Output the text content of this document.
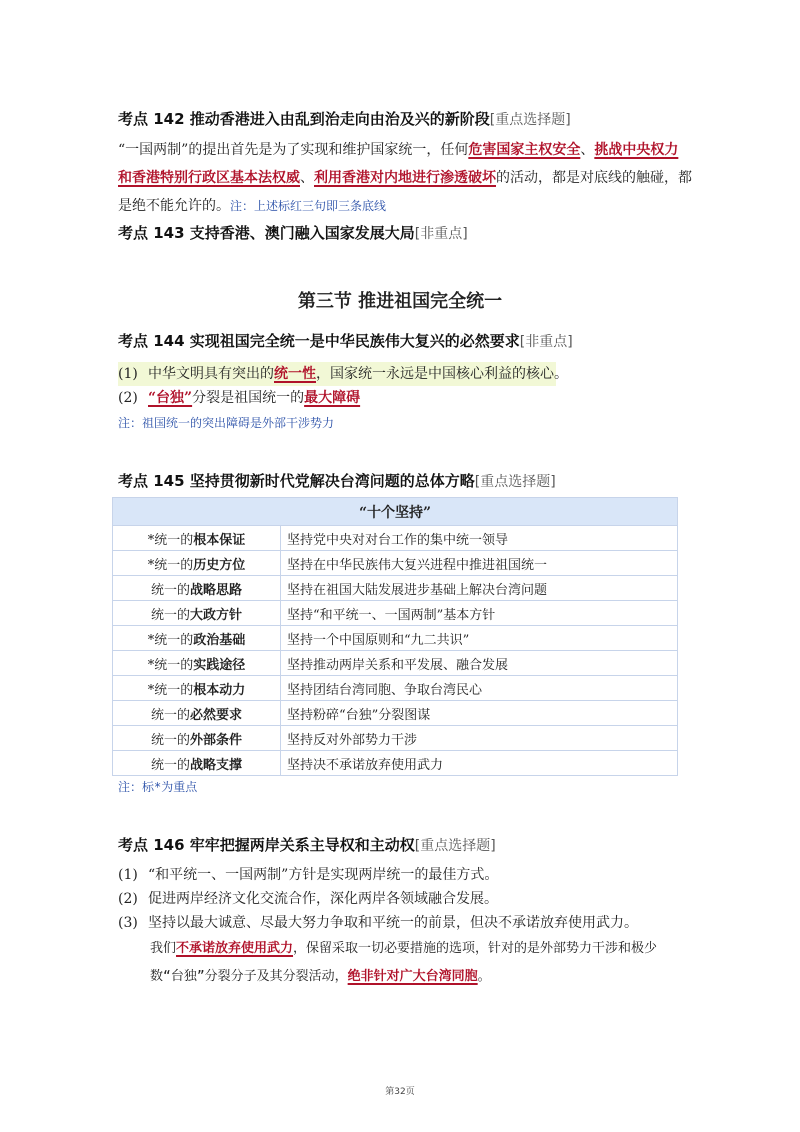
考点 142 推动香港进入由乱到治走向由治及兴的新阶段[重点选择题]
“一国两制”的提出首先是为了实现和维护国家统一，任何危害国家主权安全、挑战中央权力
和香港特别行政区基本法权威、利用香港对内地进行渗透破坏的活动，都是对底线的触碰，都
是绝不能允许的。注：上述标红三句即三条底线
考点 143 支持香港、澳门融入国家发展大局[非重点]
第三节 推进祖国完全统一
考点 144 实现祖国完全统一是中华民族伟大复兴的必然要求[非重点]
(1) 中华文明具有突出的统一性，国家统一永远是中国核心利益的核心。
(2) “台独”分裂是祖国统一的最大障碍
注：祖国统一的突出障碍是外部干涉势力
考点 145 坚持贯彻新时代党解决台湾问题的总体方略[重点选择题]
“十个坚持”	
*统一的根本保证	坚持党中央对对台工作的集中统一领导
*统一的历史方位	坚持在中华民族伟大复兴进程中推进祖国统一
统一的战略思路	坚持在祖国大陆发展进步基础上解决台湾问题
统一的大政方针	坚持“和平统一、一国两制”基本方针
*统一的政治基础	坚持一个中国原则和“九二共识”
*统一的实践途径	坚持推动两岸关系和平发展、融合发展
*统一的根本动力	坚持团结台湾同胞、争取台湾民心
统一的必然要求	坚持粉碎“台独”分裂图谋
统一的外部条件	坚持反对外部势力干涉
统一的战略支撑	坚持决不承诺放弃使用武力
注：标*为重点
考点 146 牢牢把握两岸关系主导权和主动权[重点选择题]
(1) “和平统一、一国两制”方针是实现两岸统一的最佳方式。
(2) 促进两岸经济文化交流合作，深化两岸各领域融合发展。
(3) 坚持以最大诚意、尽最大努力争取和平统一的前景，但决不承诺放弃使用武力。
我们不承诺放弃使用武力，保留采取一切必要措施的选项，针对的是外部势力干涉和极少
数“台独”分裂分子及其分裂活动，绝非针对广大台湾同胞。
第32页
